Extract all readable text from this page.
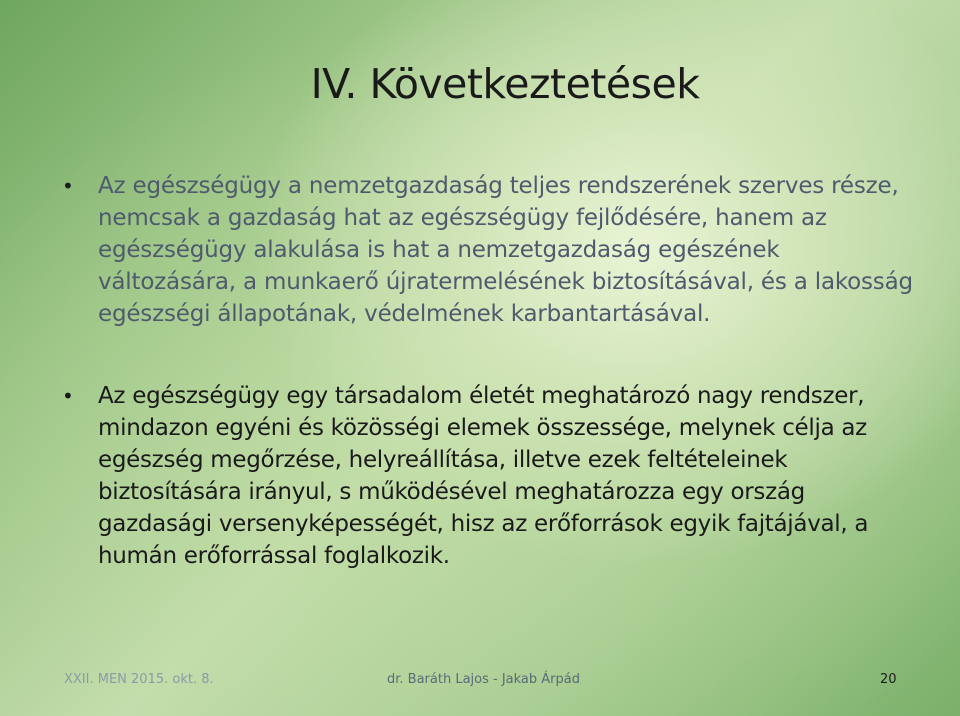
IV. Következtetések
• Az egészségügy a nemzetgazdaság teljes rendszerének szerves része, nemcsak a gazdaság hat az egészségügy fejlődésére, hanem az egészségügy alakulása is hat a nemzetgazdaság egészének változására, a munkaerő újratermelésének biztosításával, és a lakosság egészségi állapotának, védelmének karbantartásával.
• Az egészségügy egy társadalom életét meghatározó nagy rendszer, mindazon egyéni és közösségi elemek összessége, melynek célja az egészség megőrzése, helyreállítása, illetve ezek feltételeinek biztosítására irányul, s működésével meghatározza egy ország gazdasági versenyképességét, hisz az erőforrások egyik fajtájával, a humán erőforrással foglalkozik.
XXII. MEN 2015. okt. 8.	dr. Baráth Lajos - Jakab Árpád	20
